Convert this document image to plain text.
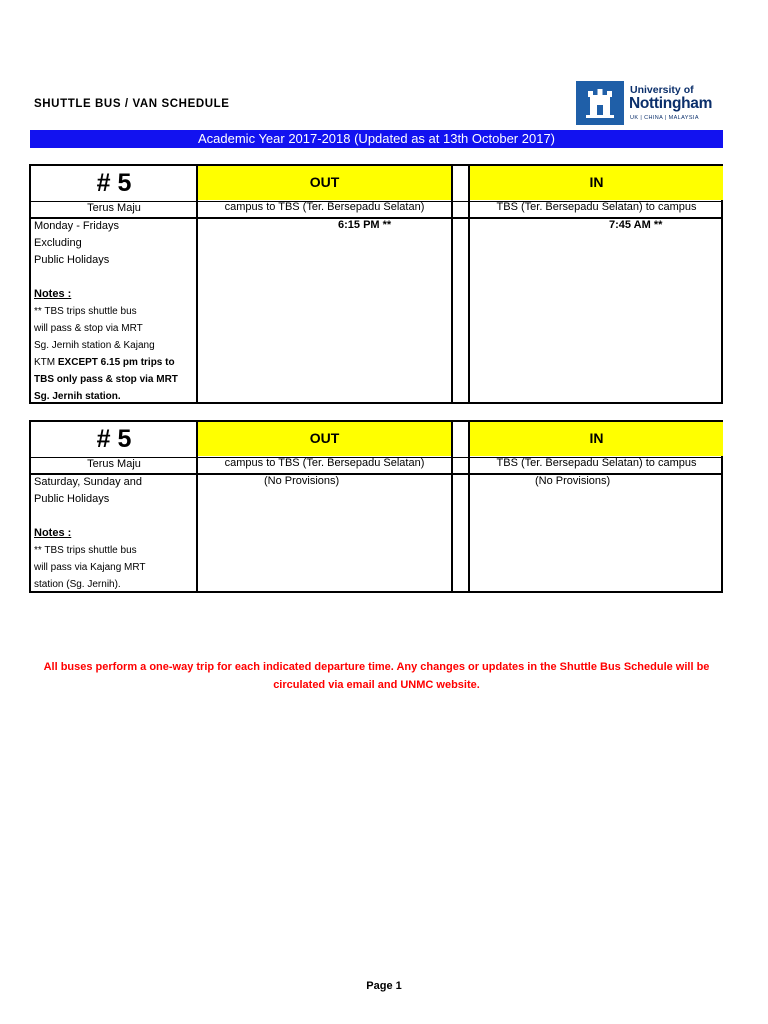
SHUTTLE BUS / VAN SCHEDULE
University of
Nottingham
UK | CHINA | MALAYSIA
Academic Year 2017-2018 (Updated as at 13th October 2017)
# 5
Terus Maju
OUT	IN
campus to TBS (Ter. Bersepadu Selatan)	TBS (Ter. Bersepadu Selatan) to campus
Monday - Fridays
Excluding
Public Holidays
Notes :
** TBS trips shuttle bus
will pass & stop via MRT
Sg. Jernih station & Kajang
KTM EXCEPT 6.15 pm trips to
TBS only pass & stop via MRT
Sg. Jernih station.
6:15 PM **	7:45 AM **
# 5
Terus Maju
OUT	IN
campus to TBS (Ter. Bersepadu Selatan)	TBS (Ter. Bersepadu Selatan) to campus
Saturday, Sunday and
Public Holidays
Notes :
** TBS trips shuttle bus
will pass via Kajang MRT
station (Sg. Jernih).
(No Provisions)	(No Provisions)
All buses perform a one-way trip for each indicated departure time. Any changes or updates in the Shuttle Bus Schedule will be circulated via email and UNMC website.
Page 1
